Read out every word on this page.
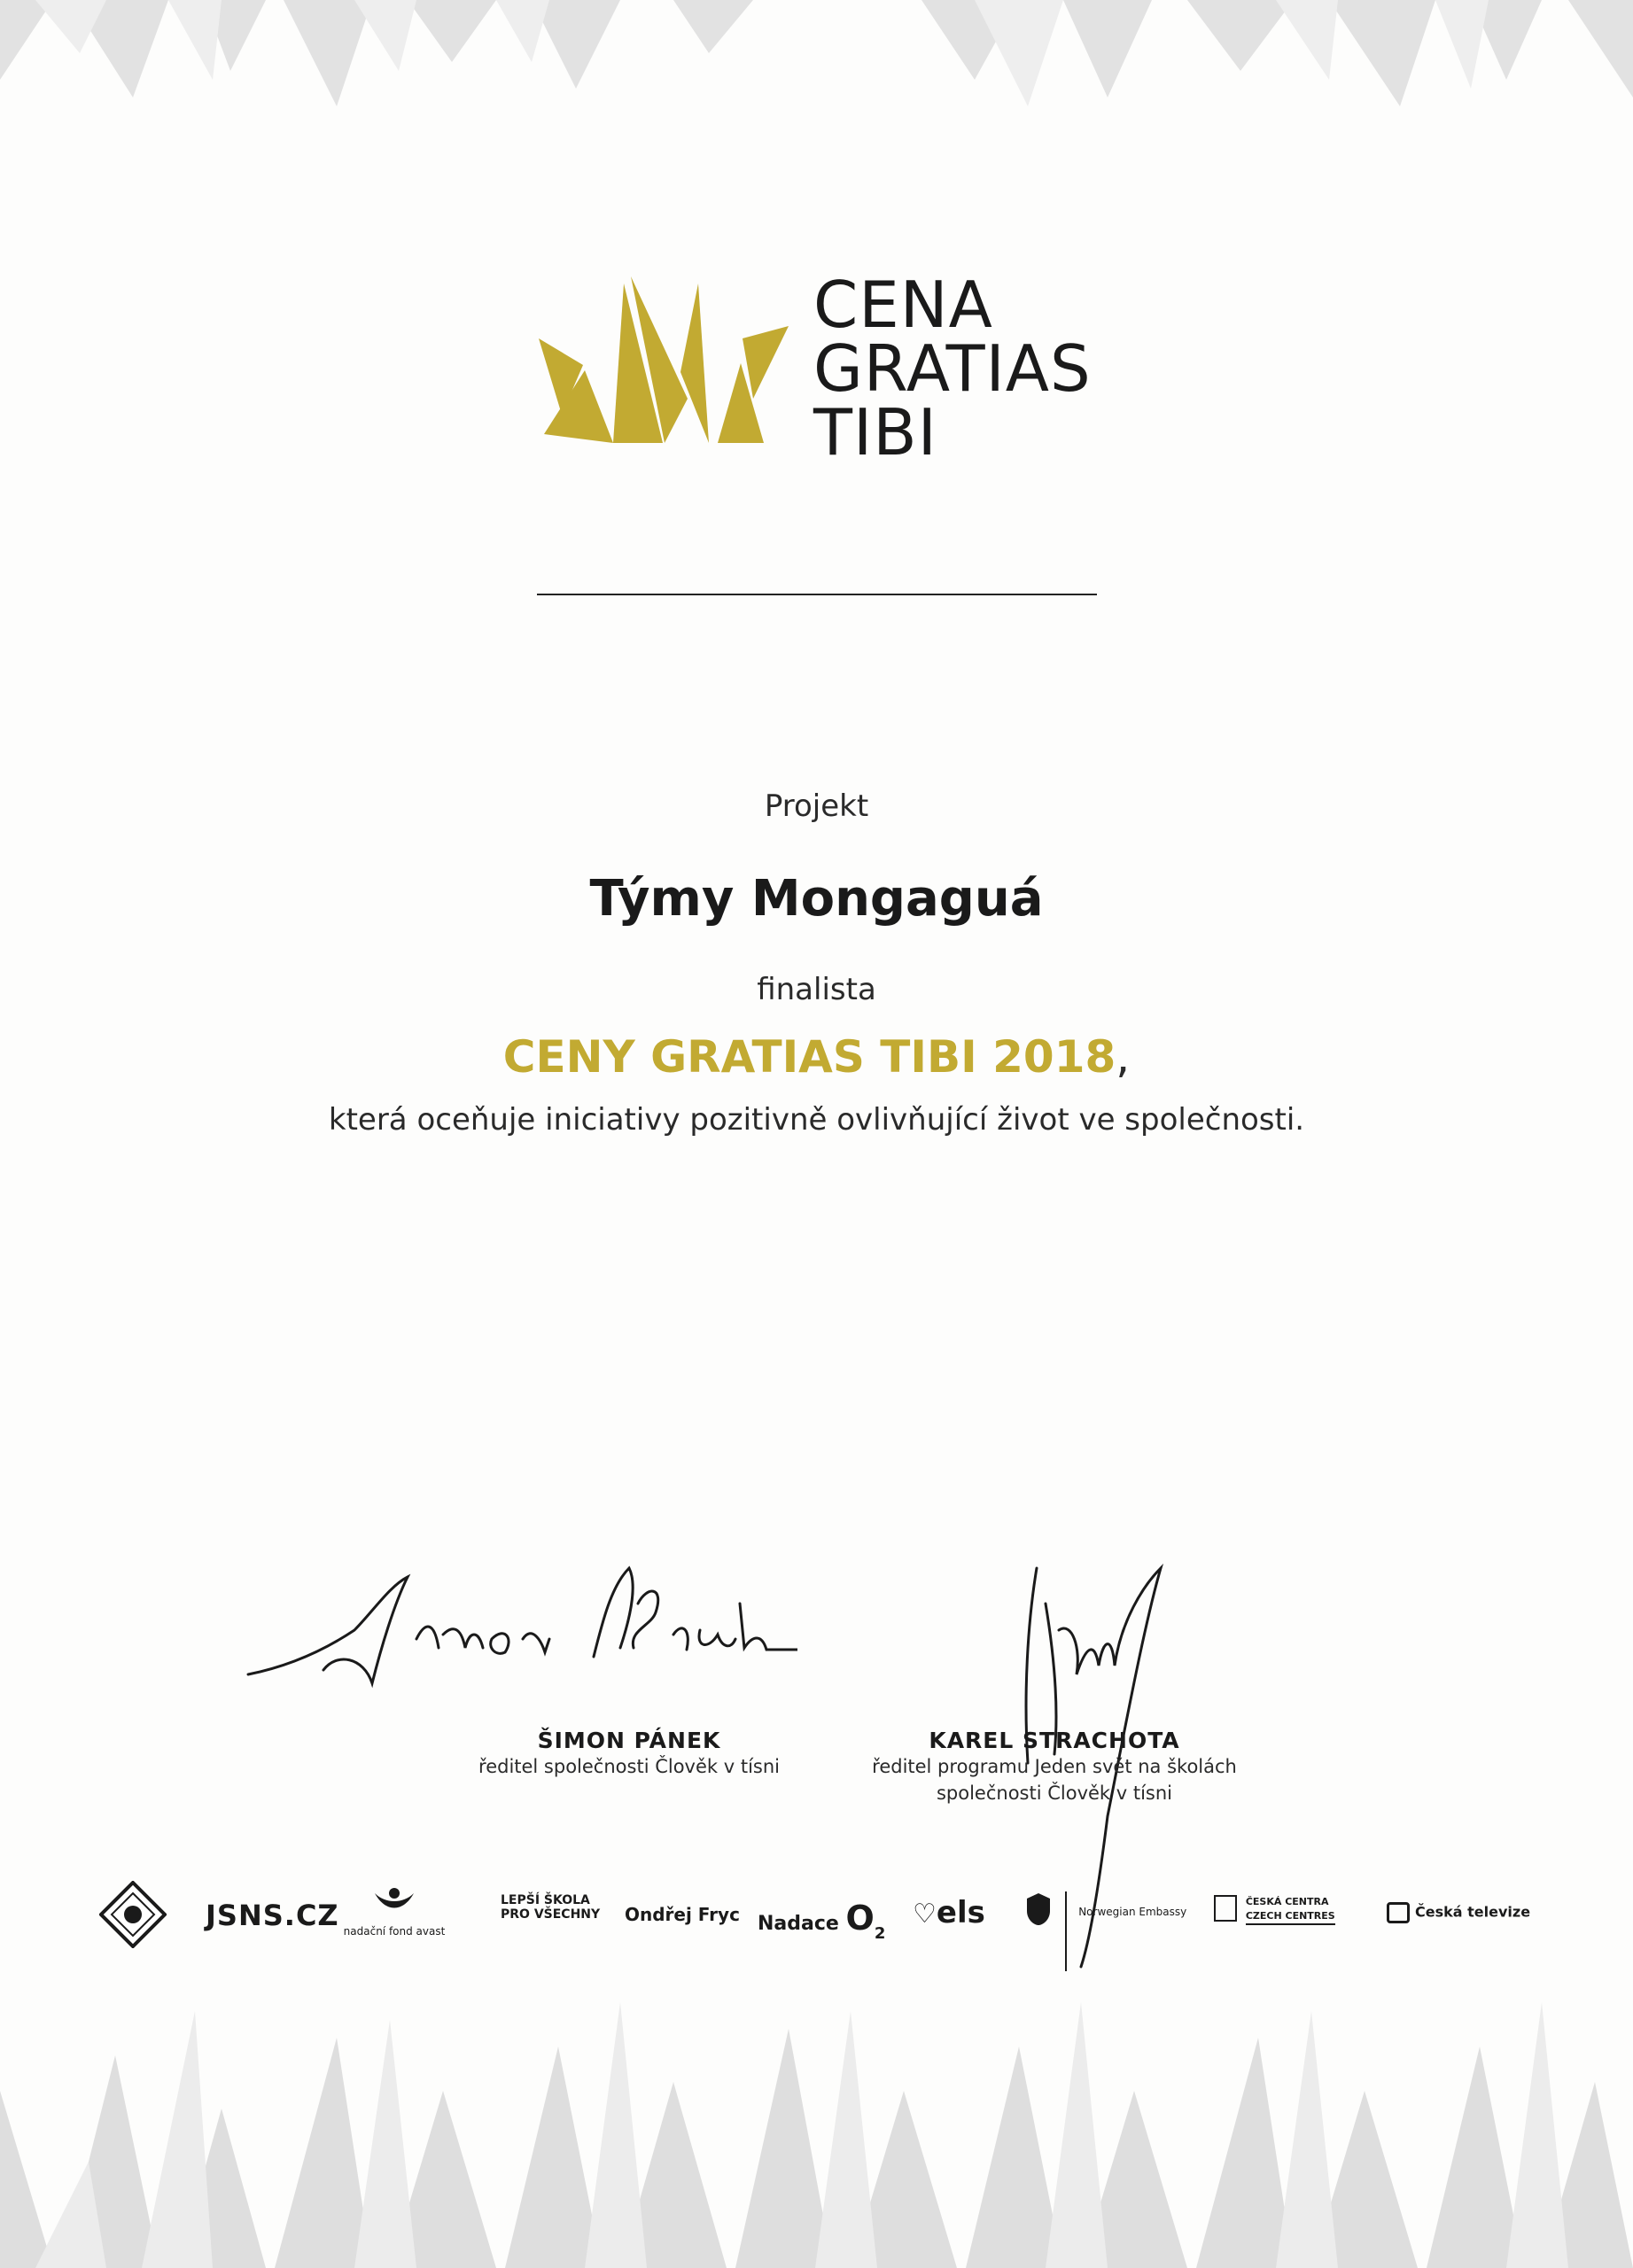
CENA
GRATIAS
TIBI
Projekt
Týmy Mongaguá
finalista
CENY GRATIAS TIBI 2018,
která oceňuje iniciativy pozitivně ovlivňující život ve společnosti.
ŠIMON PÁNEK
ředitel společnosti Člověk v tísni
KAREL STRACHOTA
ředitel programu Jeden svět na školách
společnosti Člověk v tísni
JSNS.CZ nadační fond avast
LEPŠÍ ŠKOLA
PRO VŠECHNY Ondřej Fryc Nadace $O_2$
♡els	Norwegian Embassy

ČESKÁ CENTRA
CZECH CENTRES	Česká televize
